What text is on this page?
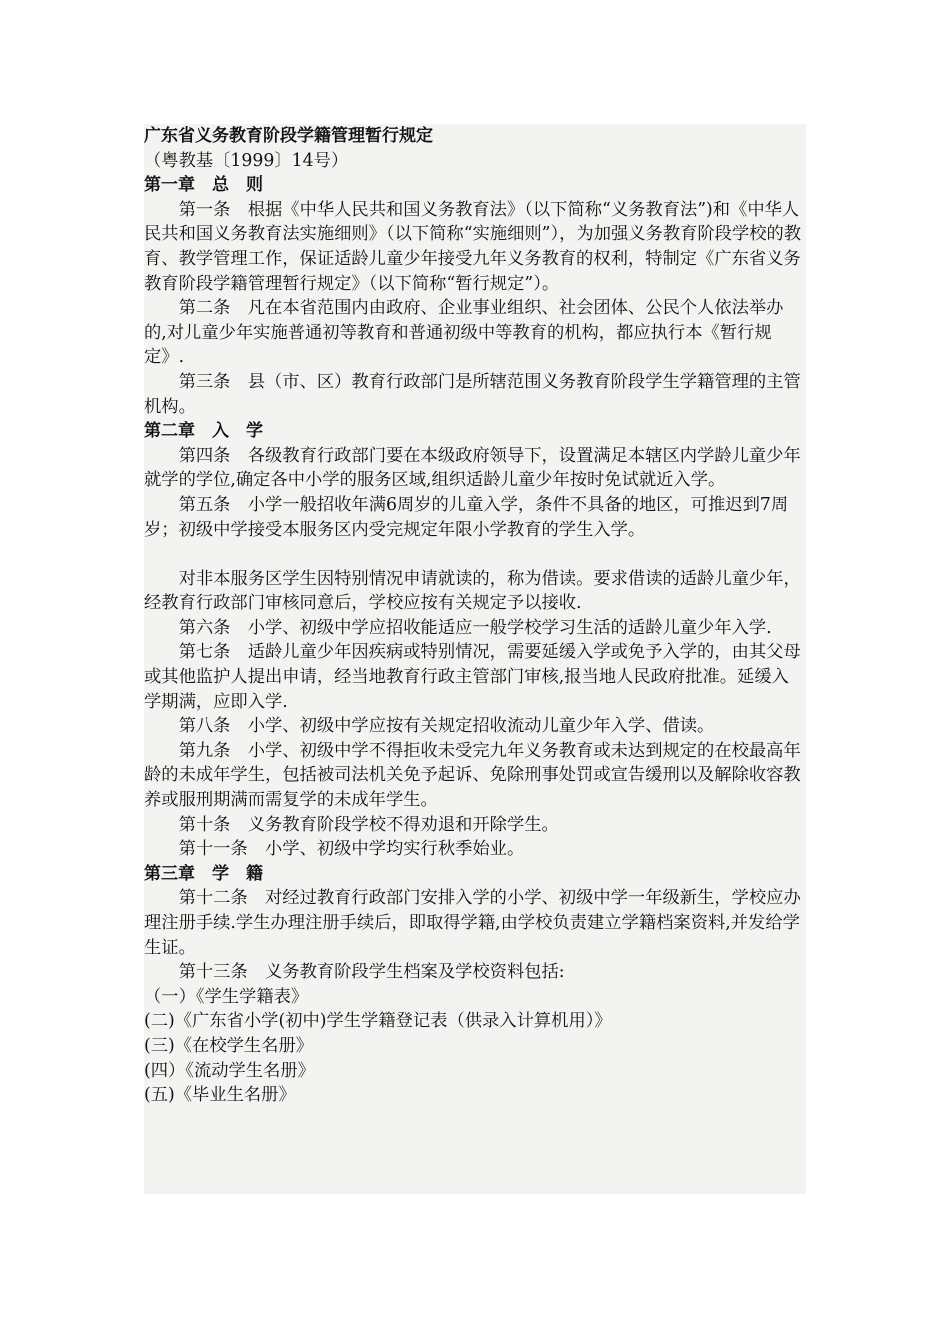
广东省义务教育阶段学籍管理暂行规定

（粤教基〔1999〕14号）

第一章　总　则

第一条　根据《中华人民共和国义务教育法》（以下简称“义务教育法”)和《中华人民共和国义务教育法实施细则》（以下简称“实施细则”），为加强义务教育阶段学校的教育、教学管理工作，保证适龄儿童少年接受九年义务教育的权利，特制定《广东省义务教育阶段学籍管理暂行规定》（以下简称“暂行规定”）。

第二条　凡在本省范围内由政府、企业事业组织、社会团体、公民个人依法举办的,对儿童少年实施普通初等教育和普通初级中等教育的机构，都应执行本《暂行规定》.

第三条　县（市、区）教育行政部门是所辖范围义务教育阶段学生学籍管理的主管机构。

第二章　入　学

第四条　各级教育行政部门要在本级政府领导下，设置满足本辖区内学龄儿童少年就学的学位,确定各中小学的服务区域,组织适龄儿童少年按时免试就近入学。

第五条　小学一般招收年满6周岁的儿童入学，条件不具备的地区，可推迟到7周岁；初级中学接受本服务区内受完规定年限小学教育的学生入学。

对非本服务区学生因特别情况申请就读的，称为借读。要求借读的适龄儿童少年，经教育行政部门审核同意后，学校应按有关规定予以接收.

第六条　小学、初级中学应招收能适应一般学校学习生活的适龄儿童少年入学.

第七条　适龄儿童少年因疾病或特别情况，需要延缓入学或免予入学的，由其父母或其他监护人提出申请，经当地教育行政主管部门审核,报当地人民政府批准。延缓入学期满，应即入学.

第八条　小学、初级中学应按有关规定招收流动儿童少年入学、借读。

第九条　小学、初级中学不得拒收未受完九年义务教育或未达到规定的在校最高年龄的未成年学生，包括被司法机关免予起诉、免除刑事处罚或宣告缓刑以及解除收容教养或服刑期满而需复学的未成年学生。

第十条　义务教育阶段学校不得劝退和开除学生。

第十一条　小学、初级中学均实行秋季始业。

第三章　学　籍

第十二条　对经过教育行政部门安排入学的小学、初级中学一年级新生，学校应办理注册手续.学生办理注册手续后，即取得学籍,由学校负责建立学籍档案资料,并发给学生证。

第十三条　义务教育阶段学生档案及学校资料包括:

（一）《学生学籍表》

(二)《广东省小学(初中)学生学籍登记表（供录入计算机用）》

(三)《在校学生名册》

(四）《流动学生名册》

(五)《毕业生名册》
